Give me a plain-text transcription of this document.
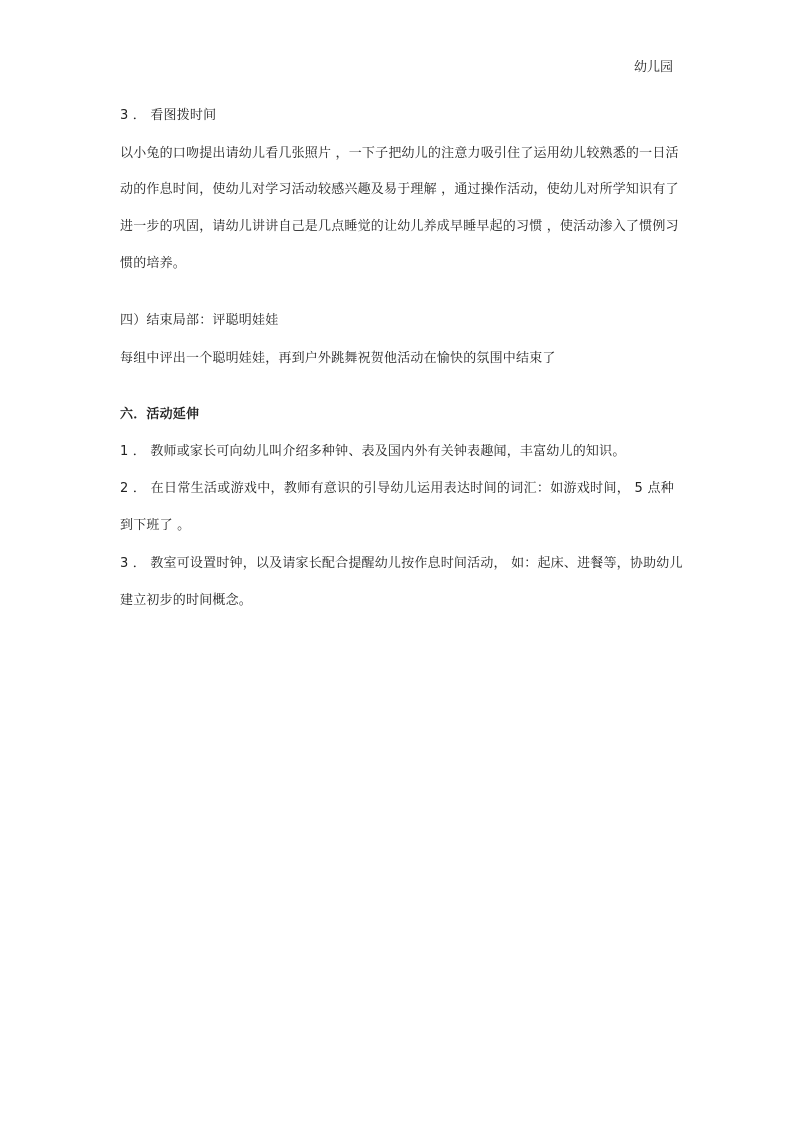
幼儿园
3 ． 看图拨时间
以小兔的口吻提出请幼儿看几张照片 ，一下子把幼儿的注意力吸引住了运用幼儿较熟悉的一日活
动的作息时间，使幼儿对学习活动较感兴趣及易于理解 ，通过操作活动，使幼儿对所学知识有了
进一步的巩固，请幼儿讲讲自己是几点睡觉的让幼儿养成早睡早起的习惯 ，使活动渗入了惯例习
惯的培养。
四）结束局部：评聪明娃娃
每组中评出一个聪明娃娃，再到户外跳舞祝贺他活动在愉快的氛围中结束了
六．活动延伸
1 ． 教师或家长可向幼儿叫介绍多种钟、表及国内外有关钟表趣闻，丰富幼儿的知识。
2 ． 在日常生活或游戏中，教师有意识的引导幼儿运用表达时间的词汇：如游戏时间， 5 点种
到下班了 。
3 ． 教室可设置时钟，以及请家长配合提醒幼儿按作息时间活动， 如：起床、进餐等，协助幼儿
建立初步的时间概念。
